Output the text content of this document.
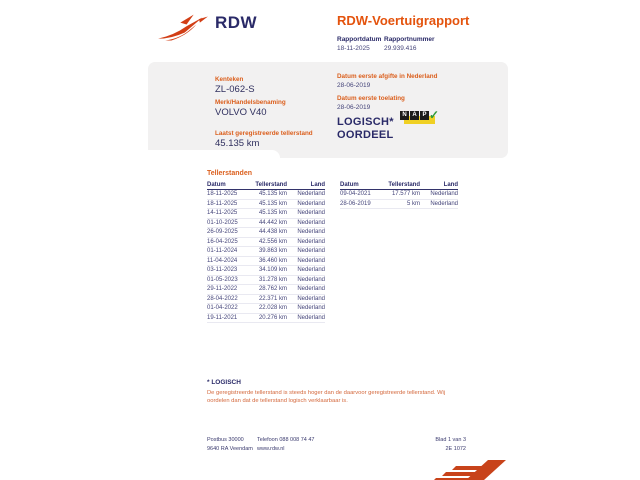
RDW	RDW-Voertuigrapport
Rapportdatum
18-11-2025
Rapportnummer
29.939.416
Kenteken
ZL-062-S
Merk/Handelsbenaming
VOLVO V40
Laatst geregistreerde tellerstand
45.135 km
Datum eerste afgifte in Nederland
28-06-2019
Datum eerste toelating
28-06-2019
LOGISCH*
OORDEEL
N A P ✓
Tellerstanden
Datum	Tellerstand	Land
18-11-2025	45.135 km	Nederland
18-11-2025	45.135 km	Nederland
14-11-2025	45.135 km	Nederland
01-10-2025	44.442 km	Nederland
26-09-2025	44.438 km	Nederland
16-04-2025	42.556 km	Nederland
01-11-2024	39.863 km	Nederland
11-04-2024	36.460 km	Nederland
03-11-2023	34.109 km	Nederland
01-05-2023	31.278 km	Nederland
29-11-2022	28.762 km	Nederland
28-04-2022	22.371 km	Nederland
01-04-2022	22.028 km	Nederland
19-11-2021	20.276 km	Nederland
Datum	Tellerstand	Land
09-04-2021	17.577 km	Nederland
28-06-2019	5 km	Nederland
* LOGISCH
De geregistreerde tellerstand is steeds hoger dan de daarvoor geregistreerde tellerstand. Wij oordelen dan dat de tellerstand logisch verklaarbaar is.
Postbus 30000
9640 RA Veendam
Telefoon 088 008 74 47
www.rdw.nl
Blad 1 van 3
2E 1072
